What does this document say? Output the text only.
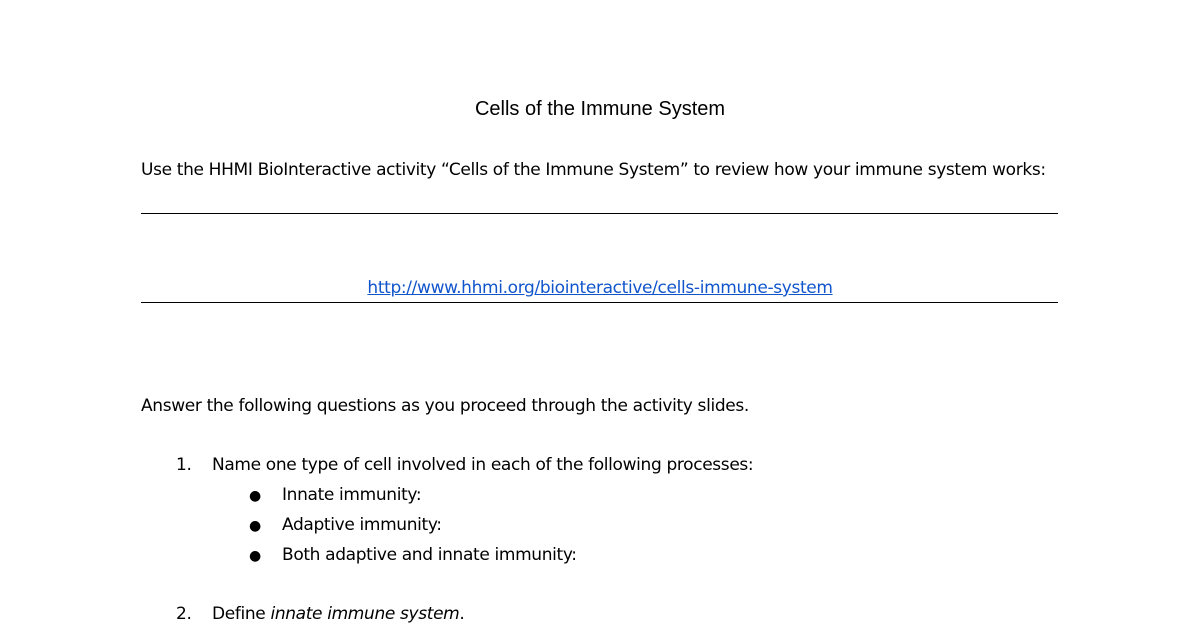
Cells of the Immune System
Use the HHMI BioInteractive activity “Cells of the Immune System” to review how your immune system works:
http://www.hhmi.org/biointeractive/cells-immune-system
Answer the following questions as you proceed through the activity slides.
1. Name one type of cell involved in each of the following processes:
● Innate immunity:
● Adaptive immunity:
● Both adaptive and innate immunity:
2. Define innate immune system.
